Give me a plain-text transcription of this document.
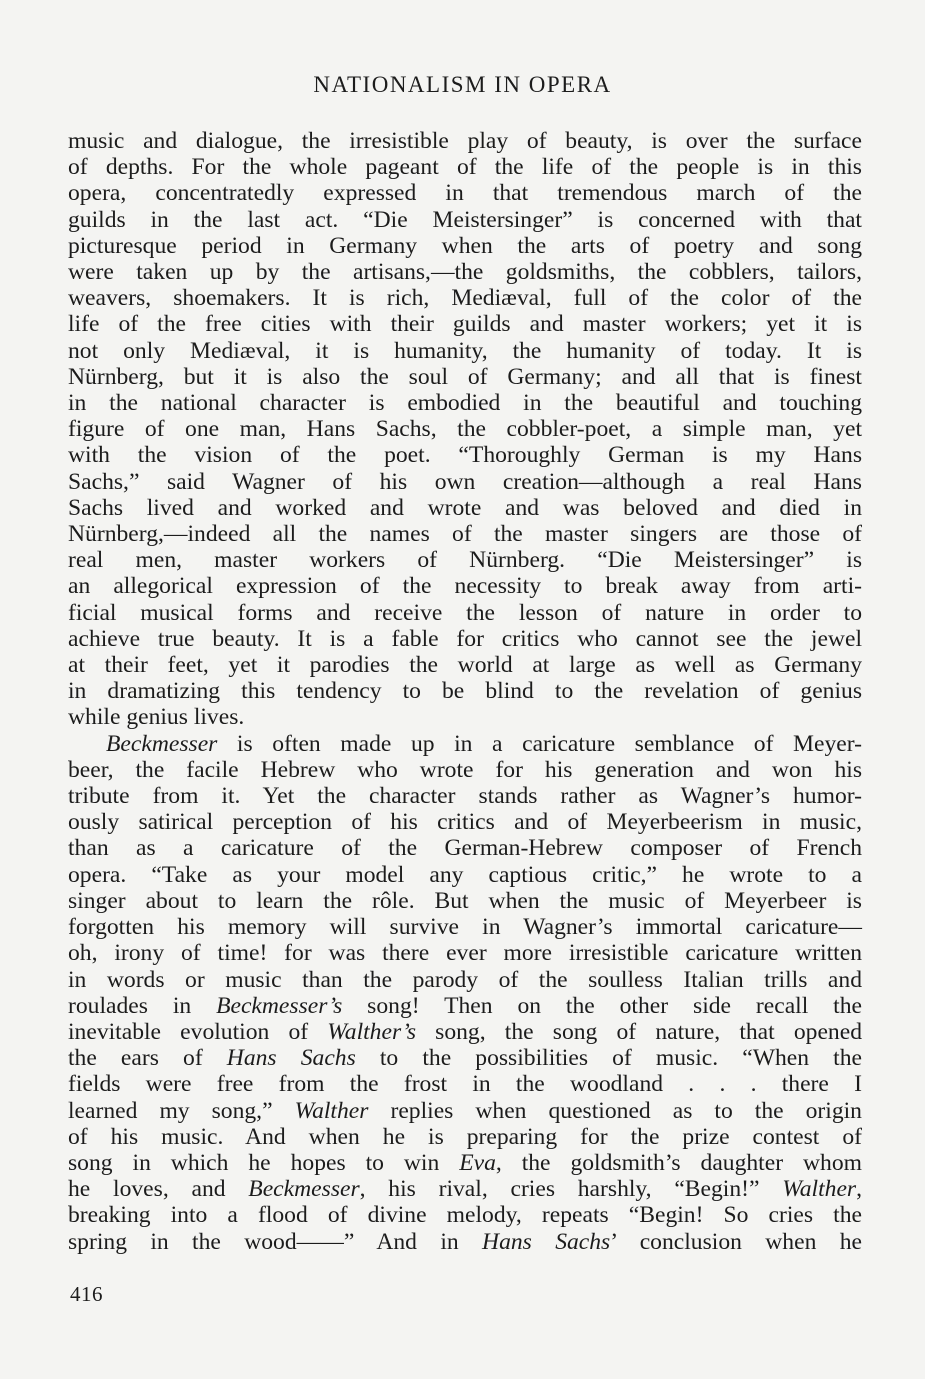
NATIONALISM IN OPERA
music and dialogue, the irresistible play of beauty, is over the surface
of depths. For the whole pageant of the life of the people is in this
opera, concentratedly expressed in that tremendous march of the
guilds in the last act. “Die Meistersinger” is concerned with that
picturesque period in Germany when the arts of poetry and song
were taken up by the artisans,—the goldsmiths, the cobblers, tailors,
weavers, shoemakers. It is rich, Mediæval, full of the color of the
life of the free cities with their guilds and master workers; yet it is
not only Mediæval, it is humanity, the humanity of today. It is
Nürnberg, but it is also the soul of Germany; and all that is finest
in the national character is embodied in the beautiful and touching
figure of one man, Hans Sachs, the cobbler-poet, a simple man, yet
with the vision of the poet. “Thoroughly German is my Hans
Sachs,” said Wagner of his own creation—although a real Hans
Sachs lived and worked and wrote and was beloved and died in
Nürnberg,—indeed all the names of the master singers are those of
real men, master workers of Nürnberg. “Die Meistersinger” is
an allegorical expression of the necessity to break away from arti-
ficial musical forms and receive the lesson of nature in order to
achieve true beauty. It is a fable for critics who cannot see the jewel
at their feet, yet it parodies the world at large as well as Germany
in dramatizing this tendency to be blind to the revelation of genius
while genius lives.
Beckmesser is often made up in a caricature semblance of Meyer-
beer, the facile Hebrew who wrote for his generation and won his
tribute from it. Yet the character stands rather as Wagner’s humor-
ously satirical perception of his critics and of Meyerbeerism in music,
than as a caricature of the German-Hebrew composer of French
opera. “Take as your model any captious critic,” he wrote to a
singer about to learn the rôle. But when the music of Meyerbeer is
forgotten his memory will survive in Wagner’s immortal caricature—
oh, irony of time! for was there ever more irresistible caricature written
in words or music than the parody of the soulless Italian trills and
roulades in Beckmesser’s song! Then on the other side recall the
inevitable evolution of Walther’s song, the song of nature, that opened
the ears of Hans Sachs to the possibilities of music. “When the
fields were free from the frost in the woodland . . . there I
learned my song,” Walther replies when questioned as to the origin
of his music. And when he is preparing for the prize contest of
song in which he hopes to win Eva, the goldsmith’s daughter whom
he loves, and Beckmesser, his rival, cries harshly, “Begin!” Walther,
breaking into a flood of divine melody, repeats “Begin! So cries the
spring in the wood——” And in Hans Sachs’ conclusion when he
416
